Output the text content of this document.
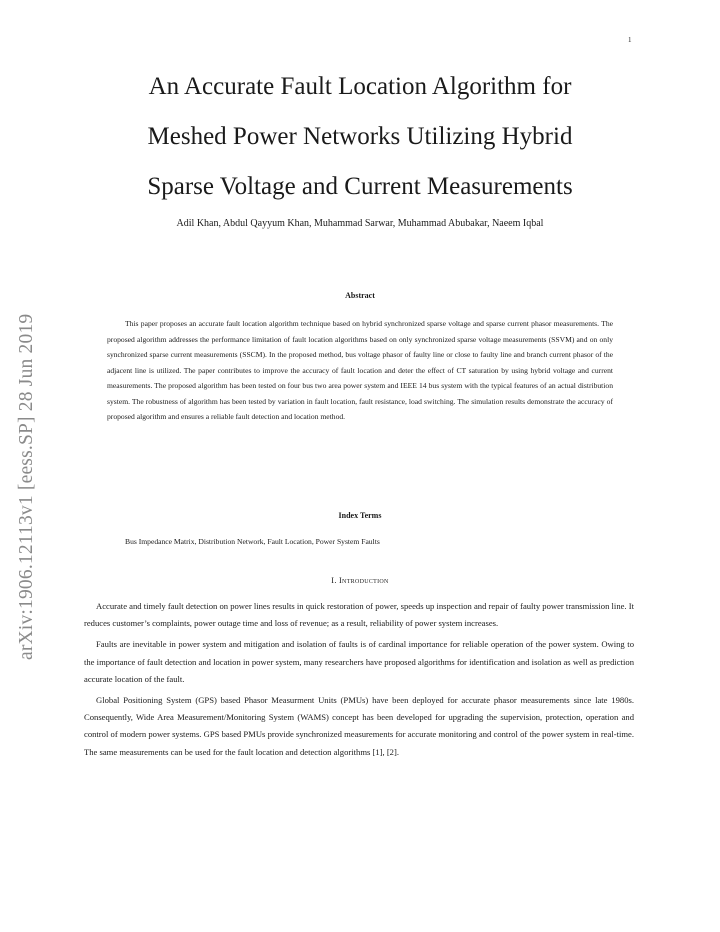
1
arXiv:1906.12113v1 [eess.SP] 28 Jun 2019
An Accurate Fault Location Algorithm for
Meshed Power Networks Utilizing Hybrid
Sparse Voltage and Current Measurements
Adil Khan, Abdul Qayyum Khan, Muhammad Sarwar, Muhammad Abubakar, Naeem Iqbal
Abstract
This paper proposes an accurate fault location algorithm technique based on hybrid synchronized sparse voltage and sparse current phasor measurements. The proposed algorithm addresses the performance limitation of fault location algorithms based on only synchronized sparse voltage measurements (SSVM) and on only synchronized sparse current measurements (SSCM). In the proposed method, bus voltage phasor of faulty line or close to faulty line and branch current phasor of the adjacent line is utilized. The paper contributes to improve the accuracy of fault location and deter the effect of CT saturation by using hybrid voltage and current measurements. The proposed algorithm has been tested on four bus two area power system and IEEE 14 bus system with the typical features of an actual distribution system. The robustness of algorithm has been tested by variation in fault location, fault resistance, load switching. The simulation results demonstrate the accuracy of proposed algorithm and ensures a reliable fault detection and location method.
Index Terms
Bus Impedance Matrix, Distribution Network, Fault Location, Power System Faults
I. Introduction

Accurate and timely fault detection on power lines results in quick restoration of power, speeds up inspection and repair of faulty power transmission line. It reduces customer’s complaints, power outage time and loss of revenue; as a result, reliability of power system increases.

Faults are inevitable in power system and mitigation and isolation of faults is of cardinal importance for reliable operation of the power system. Owing to the importance of fault detection and location in power system, many researchers have proposed algorithms for identification and isolation as well as prediction accurate location of the fault.

Global Positioning System (GPS) based Phasor Measurment Units (PMUs) have been deployed for accurate phasor measurements since late 1980s. Consequently, Wide Area Measurement/Monitoring System (WAMS) concept has been developed for upgrading the supervision, protection, operation and control of modern power systems. GPS based PMUs provide synchronized measurements for accurate monitoring and control of the power system in real-time. The same measurements can be used for the fault location and detection algorithms [1], [2].
